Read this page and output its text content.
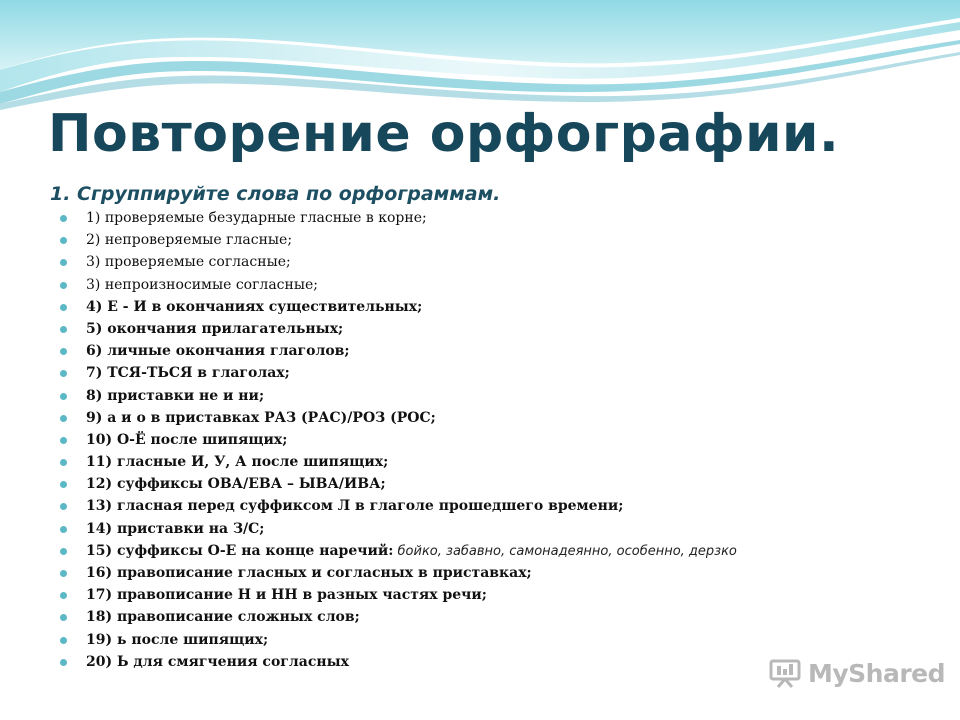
Повторение орфографии.
1. Сгруппируйте слова по орфограммам.
1) проверяемые безударные гласные в корне;
2) непроверяемые гласные;
3) проверяемые согласные;
3) непроизносимые согласные;
4) Е - И в окончаниях существительных;
5) окончания прилагательных;
6) личные окончания глаголов;
7) ТСЯ-ТЬСЯ в глаголах;
8) приставки не и ни;
9) а и о в приставках РАЗ (РАС)/РОЗ (РОС;
10) О-Ё после шипящих;
11) гласные И, У, А после шипящих;
12) суффиксы ОВА/ЕВА – ЫВА/ИВА;
13) гласная перед суффиксом Л в глаголе прошедшего времени;
14) приставки на З/С;
15) суффиксы О-Е на конце наречий: бойко, забавно, самонадеянно, особенно, дерзко
16) правописание гласных и согласных в приставках;
17) правописание Н и НН в разных частях речи;
18) правописание сложных слов;
19) ь после шипящих;
20) Ь для смягчения согласных	MyShared
